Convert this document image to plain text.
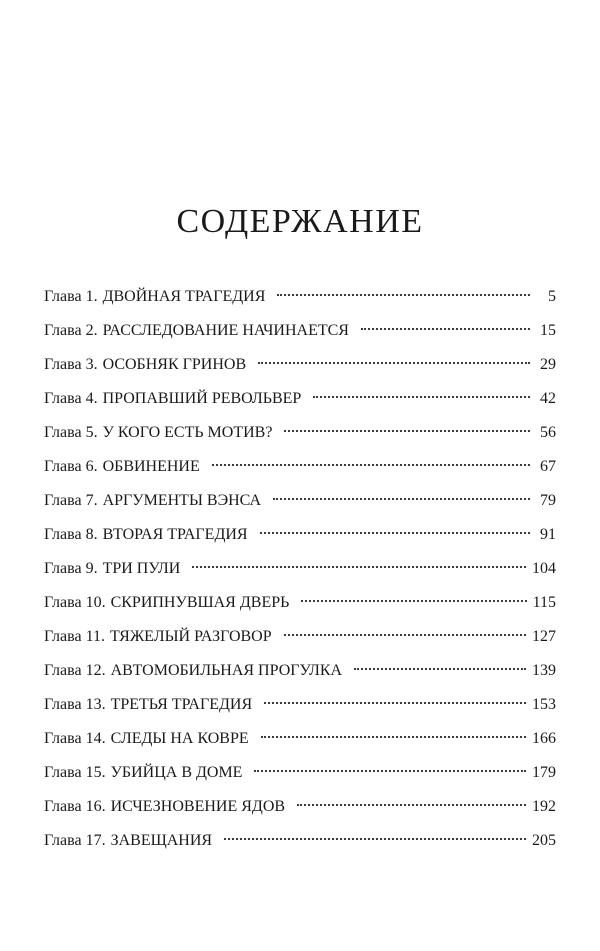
СОДЕРЖАНИЕ
Глава 1. ДВОЙНАЯ ТРАГЕДИЯ	5
Глава 2. РАССЛЕДОВАНИЕ НАЧИНАЕТСЯ	15
Глава 3. ОСОБНЯК ГРИНОВ	29
Глава 4. ПРОПАВШИЙ РЕВОЛЬВЕР	42
Глава 5. У КОГО ЕСТЬ МОТИВ?	56
Глава 6. ОБВИНЕНИЕ	67
Глава 7. АРГУМЕНТЫ ВЭНСА	79
Глава 8. ВТОРАЯ ТРАГЕДИЯ	91
Глава 9. ТРИ ПУЛИ	104
Глава 10. СКРИПНУВШАЯ ДВЕРЬ	115
Глава 11. ТЯЖЕЛЫЙ РАЗГОВОР	127
Глава 12. АВТОМОБИЛЬНАЯ ПРОГУЛКА	139
Глава 13. ТРЕТЬЯ ТРАГЕДИЯ	153
Глава 14. СЛЕДЫ НА КОВРЕ	166
Глава 15. УБИЙЦА В ДОМЕ	179
Глава 16. ИСЧЕЗНОВЕНИЕ ЯДОВ	192
Глава 17. ЗАВЕЩАНИЯ	205
